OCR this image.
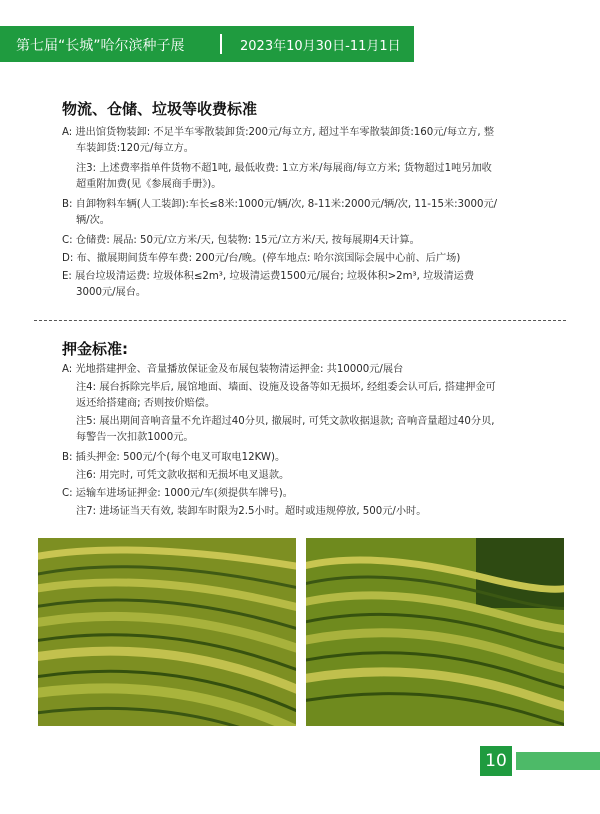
第七届“长城”哈尔滨种子展	2023年10月30日-11月1日
物流、仓储、垃圾等收费标准
A: 进出馆货物装卸: 不足半车零散装卸货:200元/每立方, 超过半车零散装卸货:160元/每立方, 整
车装卸货:120元/每立方。
注3: 上述费率指单件货物不超1吨, 最低收费: 1立方米/每展商/每立方米; 货物超过1吨另加收
超重附加费(见《参展商手册》)。
B: 自卸物料车辆(人工装卸):车长≤8米:1000元/辆/次, 8-11米:2000元/辆/次, 11-15米:3000元/
辆/次。
C: 仓储费: 展品: 50元/立方米/天, 包装物: 15元/立方米/天, 按每展期4天计算。
D: 布、撤展期间货车停车费: 200元/台/晚。(停车地点: 哈尔滨国际会展中心前、后广场)
E: 展台垃圾清运费: 垃圾体积≤2m³, 垃圾清运费1500元/展台; 垃圾体积>2m³, 垃圾清运费
3000元/展台。
押金标准:
A: 光地搭建押金、音量播放保证金及布展包装物清运押金: 共10000元/展台
注4: 展台拆除完毕后, 展馆地面、墙面、设施及设备等如无损坏, 经组委会认可后, 搭建押金可
返还给搭建商; 否则按价赔偿。
注5: 展出期间音响音量不允许超过40分贝, 撤展时, 可凭文款收据退款; 音响音量超过40分贝,
每警告一次扣款1000元。
B: 插头押金: 500元/个(每个电叉可取电12KW)。
注6: 用完时, 可凭文款收据和无损坏电叉退款。
C: 运输车进场证押金: 1000元/车(须提供车牌号)。
注7: 进场证当天有效, 装卸车时限为2.5小时。超时或违规停放, 500元/小时。
10
